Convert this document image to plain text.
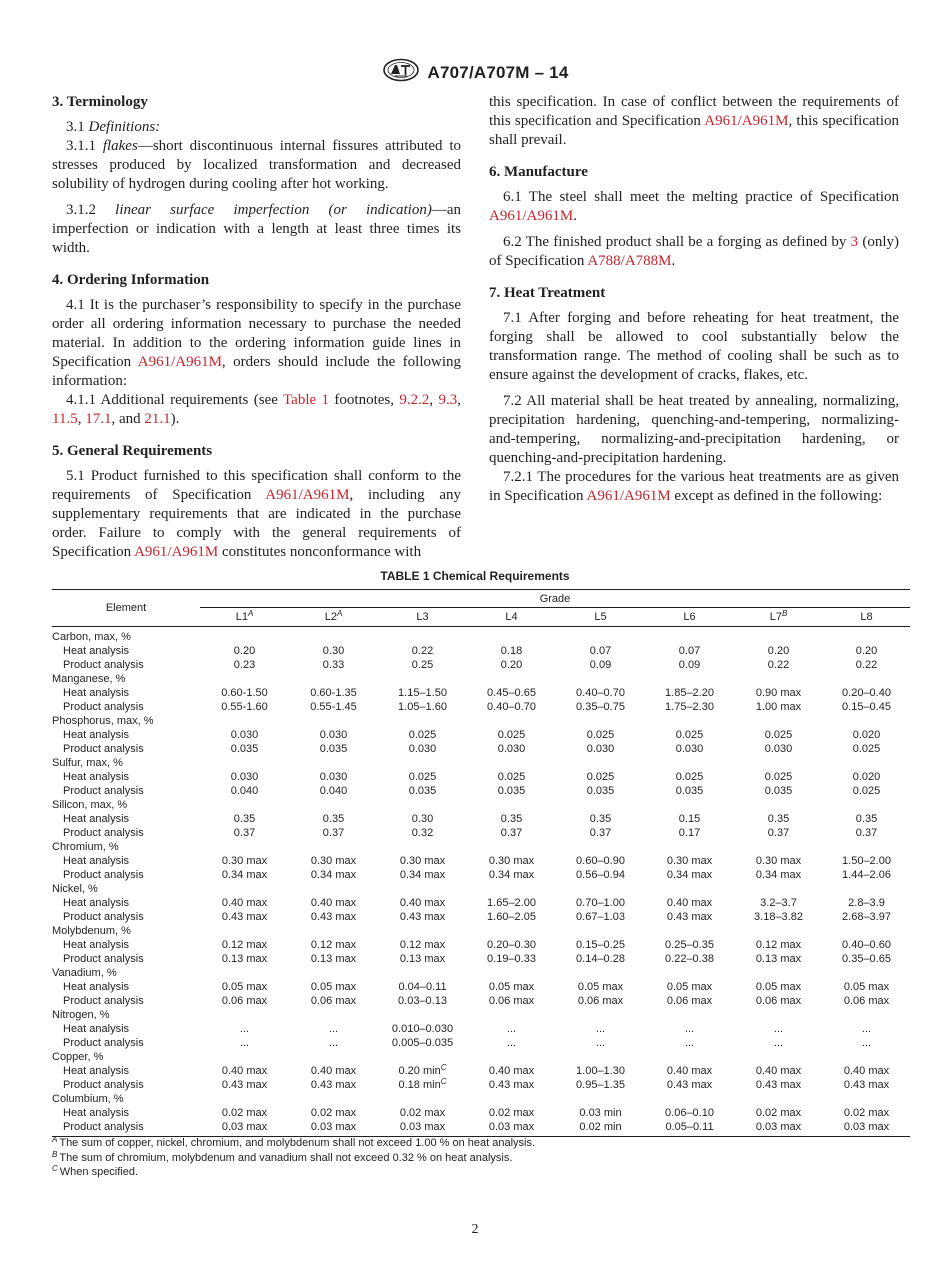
A707/A707M – 14
3. Terminology

3.1 Definitions:

3.1.1 flakes—short discontinuous internal fissures attributed to stresses produced by localized transformation and decreased solubility of hydrogen during cooling after hot working.

3.1.2 linear surface imperfection (or indication)—an imperfection or indication with a length at least three times its width.

4. Ordering Information

4.1 It is the purchaser’s responsibility to specify in the purchase order all ordering information necessary to purchase the needed material. In addition to the ordering information guide lines in Specification A961/A961M, orders should include the following information:

4.1.1 Additional requirements (see Table 1 footnotes, 9.2.2, 9.3, 11.5, 17.1, and 21.1).

5. General Requirements

5.1 Product furnished to this specification shall conform to the requirements of Specification A961/A961M, including any supplementary requirements that are indicated in the purchase order. Failure to comply with the general requirements of Specification A961/A961M constitutes nonconformance with

this specification. In case of conflict between the requirements of this specification and Specification A961/A961M, this specification shall prevail.

6. Manufacture

6.1 The steel shall meet the melting practice of Specification A961/A961M.

6.2 The finished product shall be a forging as defined by 3 (only) of Specification A788/A788M.

7. Heat Treatment

7.1 After forging and before reheating for heat treatment, the forging shall be allowed to cool substantially below the transformation range. The method of cooling shall be such as to ensure against the development of cracks, flakes, etc.

7.2 All material shall be heat treated by annealing, normalizing, precipitation hardening, quenching-and-tempering, normalizing-and-tempering, normalizing-and-precipitation hardening, or quenching-and-precipitation hardening.

7.2.1 The procedures for the various heat treatments are as given in Specification A961/A961M except as defined in the following:

TABLE 1 Chemical Requirements
Element	Grade							
	$L1^A$	$L2^A$	L3	L4	L5	L6	$L7^B$	L8
Carbon, max, %								
Heat analysis	0.20	0.30	0.22	0.18	0.07	0.07	0.20	0.20
Product analysis	0.23	0.33	0.25	0.20	0.09	0.09	0.22	0.22
Manganese, %								
Heat analysis	0.60-1.50	0.60-1.35	1.15–1.50	0.45–0.65	0.40–0.70	1.85–2.20	0.90 max	0.20–0.40
Product analysis	0.55-1.60	0.55-1.45	1.05–1.60	0.40–0.70	0.35–0.75	1.75–2.30	1.00 max	0.15–0.45
Phosphorus, max, %								
Heat analysis	0.030	0.030	0.025	0.025	0.025	0.025	0.025	0.020
Product analysis	0.035	0.035	0.030	0.030	0.030	0.030	0.030	0.025
Sulfur, max, %								
Heat analysis	0.030	0.030	0.025	0.025	0.025	0.025	0.025	0.020
Product analysis	0.040	0.040	0.035	0.035	0.035	0.035	0.035	0.025
Silicon, max, %								
Heat analysis	0.35	0.35	0.30	0.35	0.35	0.15	0.35	0.35
Product analysis	0.37	0.37	0.32	0.37	0.37	0.17	0.37	0.37
Chromium, %								
Heat analysis	0.30 max	0.30 max	0.30 max	0.30 max	0.60–0.90	0.30 max	0.30 max	1.50–2.00
Product analysis	0.34 max	0.34 max	0.34 max	0.34 max	0.56–0.94	0.34 max	0.34 max	1.44–2.06
Nickel, %								
Heat analysis	0.40 max	0.40 max	0.40 max	1.65–2.00	0.70–1.00	0.40 max	3.2–3.7	2.8–3.9
Product analysis	0.43 max	0.43 max	0.43 max	1.60–2.05	0.67–1.03	0.43 max	3.18–3.82	2.68–3.97
Molybdenum, %								
Heat analysis	0.12 max	0.12 max	0.12 max	0.20–0.30	0.15–0.25	0.25–0.35	0.12 max	0.40–0.60
Product analysis	0.13 max	0.13 max	0.13 max	0.19–0.33	0.14–0.28	0.22–0.38	0.13 max	0.35–0.65
Vanadium, %								
Heat analysis	0.05 max	0.05 max	0.04–0.11	0.05 max	0.05 max	0.05 max	0.05 max	0.05 max
Product analysis	0.06 max	0.06 max	0.03–0.13	0.06 max	0.06 max	0.06 max	0.06 max	0.06 max
Nitrogen, %								
Heat analysis	...	...	0.010–0.030	...	...	...	...	...
Product analysis	...	...	0.005–0.035	...	...	...	...	...
Copper, %								
Heat analysis	0.40 max	0.40 max	0.20 $\min^C$	0.40 max	1.00–1.30	0.40 max	0.40 max	0.40 max
Product analysis	0.43 max	0.43 max	0.18 $\min^C$	0.43 max	0.95–1.35	0.43 max	0.43 max	0.43 max
Columbium, %								
Heat analysis	0.02 max	0.02 max	0.02 max	0.02 max	0.03 min	0.06–0.10	0.02 max	0.02 max
Product analysis	0.03 max	0.03 max	0.03 max	0.03 max	0.02 min	0.05–0.11	0.03 max	0.03 max
$^A$ The sum of copper, nickel, chromium, and molybdenum shall not exceed 1.00 % on heat analysis.
$^B$ The sum of chromium, molybdenum and vanadium shall not exceed 0.32 % on heat analysis.
$^C$ When specified.
2
